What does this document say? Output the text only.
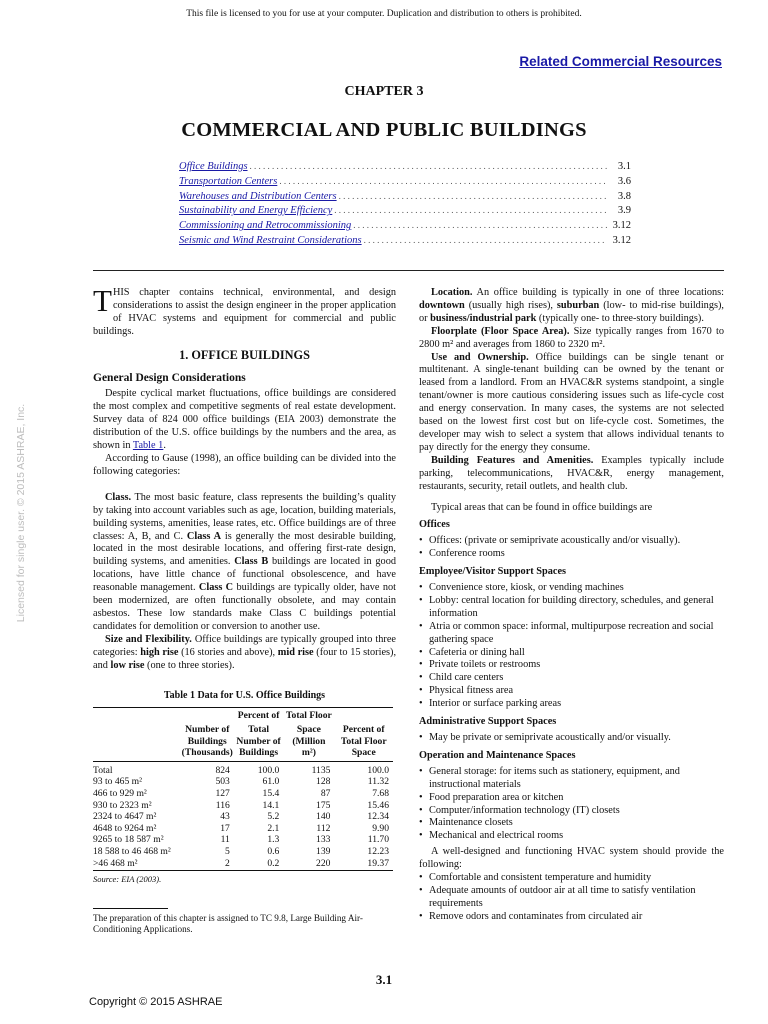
This file is licensed to you for use at your computer. Duplication and distribution to others is prohibited.
Related Commercial Resources
CHAPTER 3
COMMERCIAL AND PUBLIC BUILDINGS
Office Buildings . . .	3.1
Transportation Centers . . .	3.6
Warehouses and Distribution Centers . . .	3.8
Sustainability and Energy Efficiency . . .	3.9
Commissioning and Retrocommissioning . . .	3.12
Seismic and Wind Restraint Considerations . . .	3.12
Licensed for single user. © 2015 ASHRAE, Inc.

THIS chapter contains technical, environmental, and design considerations to assist the design engineer in the proper application of HVAC systems and equipment for commercial and public buildings.

1. OFFICE BUILDINGS
General Design Considerations

Despite cyclical market fluctuations, office buildings are considered the most complex and competitive segments of real estate development. Survey data of 824 000 office buildings (EIA 2003) demonstrate the distribution of the U.S. office buildings by the numbers and the area, as shown in Table 1.

According to Gause (1998), an office building can be divided into the following categories:

Class. The most basic feature, class represents the building’s quality by taking into account variables such as age, location, building materials, building systems, amenities, lease rates, etc. Office buildings are of three classes: A, B, and C. Class A is generally the most desirable building, located in the most desirable locations, and offering first-rate design, building systems, and amenities. Class B buildings are located in good locations, have little chance of functional obsolescence, and have reasonable management. Class C buildings are typically older, have not been modernized, are often functionally obsolete, and may contain asbestos. These low standards make Class C buildings potential candidates for demolition or conversion to another use.

Size and Flexibility. Office buildings are typically grouped into three categories: high rise (16 stories and above), mid rise (four to 15 stories), and low rise (one to three stories).

Table 1 Data for U.S. Office Buildings
		Percent of	Total Floor	
	Number of Buildings (Thousands)	Total Number of Buildings	Space (Million m²)	Percent of Total Floor Space
Total	824	100.0	1135	100.0
93 to 465 m²	503	61.0	128	11.32
466 to 929 m²	127	15.4	87	7.68
930 to 2323 m²	116	14.1	175	15.46
2324 to 4647 m²	43	5.2	140	12.34
4648 to 9264 m²	17	2.1	112	9.90
9265 to 18 587 m²	11	1.3	133	11.70
18 588 to 46 468 m²	5	0.6	139	12.23
>46 468 m²	2	0.2	220	19.37
Source: EIA (2003).

The preparation of this chapter is assigned to TC 9.8, Large Building Air-Conditioning Applications.

Location. An office building is typically in one of three locations: downtown (usually high rises), suburban (low- to mid-rise buildings), or business/industrial park (typically one- to three-story buildings).

Floorplate (Floor Space Area). Size typically ranges from 1670 to 2800 m² and averages from 1860 to 2320 m².

Use and Ownership. Office buildings can be single tenant or multitenant. A single-tenant building can be owned by the tenant or leased from a landlord. From an HVAC&R systems standpoint, a single tenant/owner is more cautious considering issues such as life-cycle cost and energy conservation. In many cases, the systems are not selected based on the lowest first cost but on life-cycle cost. Sometimes, the developer may wish to select a system that allows individual tenants to pay directly for the energy they consume.

Building Features and Amenities. Examples typically include parking, telecommunications, HVAC&R, energy management, restaurants, security, retail outlets, and health club.

Typical areas that can be found in office buildings are

Offices
• Offices: (private or semiprivate acoustically and/or visually).
• Conference rooms
Employee/Visitor Support Spaces
• Convenience store, kiosk, or vending machines
• Lobby: central location for building directory, schedules, and general information
• Atria or common space: informal, multipurpose recreation and social gathering space
• Cafeteria or dining hall
• Private toilets or restrooms
• Child care centers
• Physical fitness area
• Interior or surface parking areas
Administrative Support Spaces
• May be private or semiprivate acoustically and/or visually.
Operation and Maintenance Spaces
• General storage: for items such as stationery, equipment, and instructional materials
• Food preparation area or kitchen
• Computer/information technology (IT) closets
• Maintenance closets
• Mechanical and electrical rooms

A well-designed and functioning HVAC system should provide the following:

• Comfortable and consistent temperature and humidity
• Adequate amounts of outdoor air at all time to satisfy ventilation requirements
• Remove odors and contaminates from circulated air
3.1
Copyright © 2015 ASHRAE
